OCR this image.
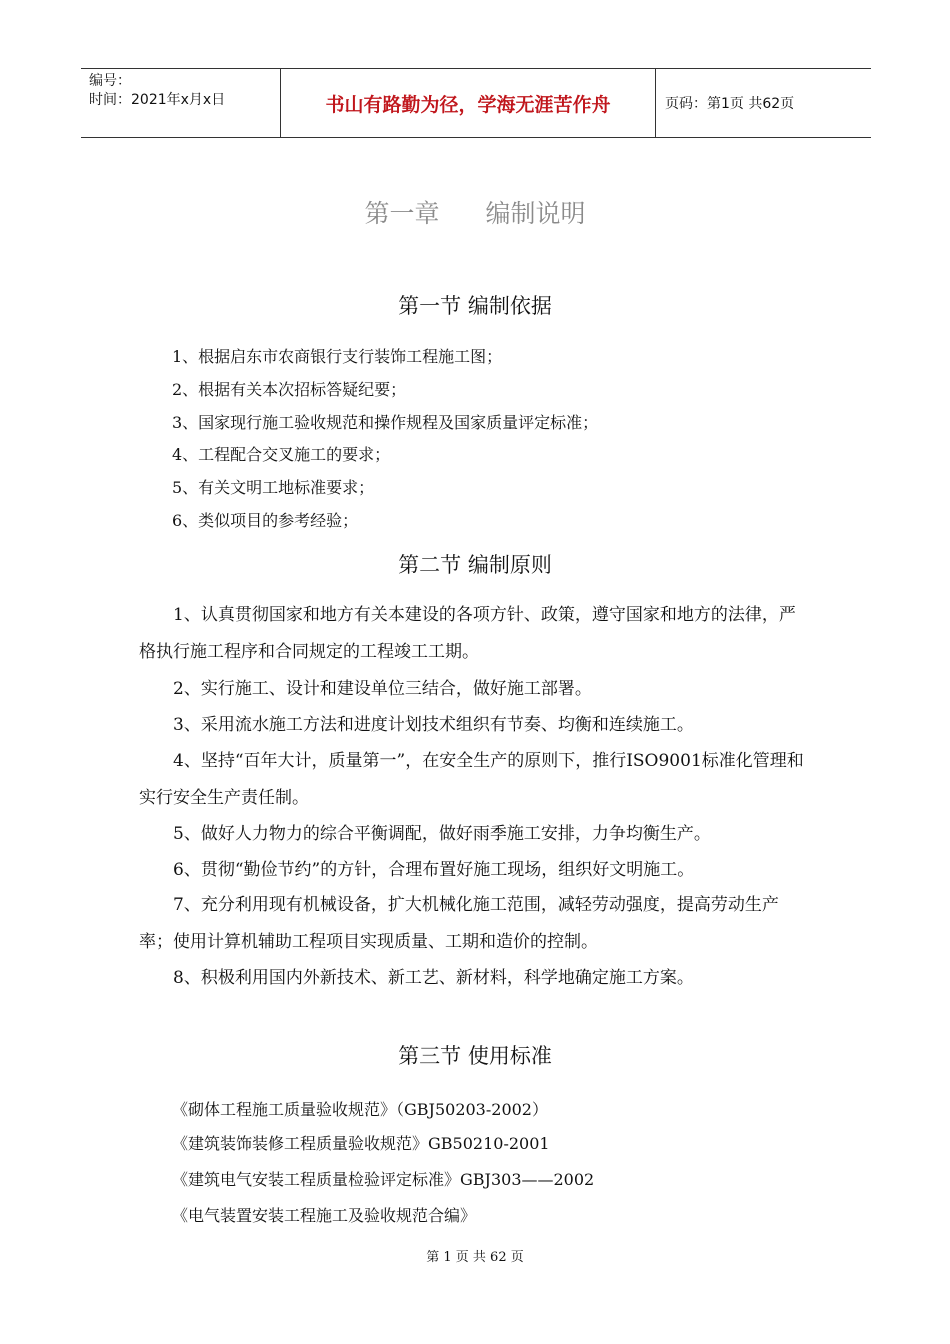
编号：
时间：2021年x月x日	书山有路勤为径，学海无涯苦作舟	页码：第1页 共62页
第一章 编制说明
第一节 编制依据
1、根据启东市农商银行支行装饰工程施工图；
2、根据有关本次招标答疑纪要；
3、国家现行施工验收规范和操作规程及国家质量评定标准；
4、工程配合交叉施工的要求；
5、有关文明工地标准要求；
6、类似项目的参考经验；
第二节 编制原则
1、认真贯彻国家和地方有关本建设的各项方针、政策，遵守国家和地方的法律，严格执行施工程序和合同规定的工程竣工工期。
2、实行施工、设计和建设单位三结合，做好施工部署。
3、采用流水施工方法和进度计划技术组织有节奏、均衡和连续施工。
4、坚持“百年大计，质量第一”，在安全生产的原则下，推行ISO9001标准化管理和实行安全生产责任制。
5、做好人力物力的综合平衡调配，做好雨季施工安排，力争均衡生产。
6、贯彻“勤俭节约”的方针，合理布置好施工现场，组织好文明施工。
7、充分利用现有机械设备，扩大机械化施工范围，减轻劳动强度，提高劳动生产率；使用计算机辅助工程项目实现质量、工期和造价的控制。
8、积极利用国内外新技术、新工艺、新材料，科学地确定施工方案。
第三节 使用标准
《砌体工程施工质量验收规范》（GBJ50203-2002）
《建筑装饰装修工程质量验收规范》GB50210-2001
《建筑电气安装工程质量检验评定标准》GBJ303——2002
《电气装置安装工程施工及验收规范合编》
第 1 页 共 62 页
